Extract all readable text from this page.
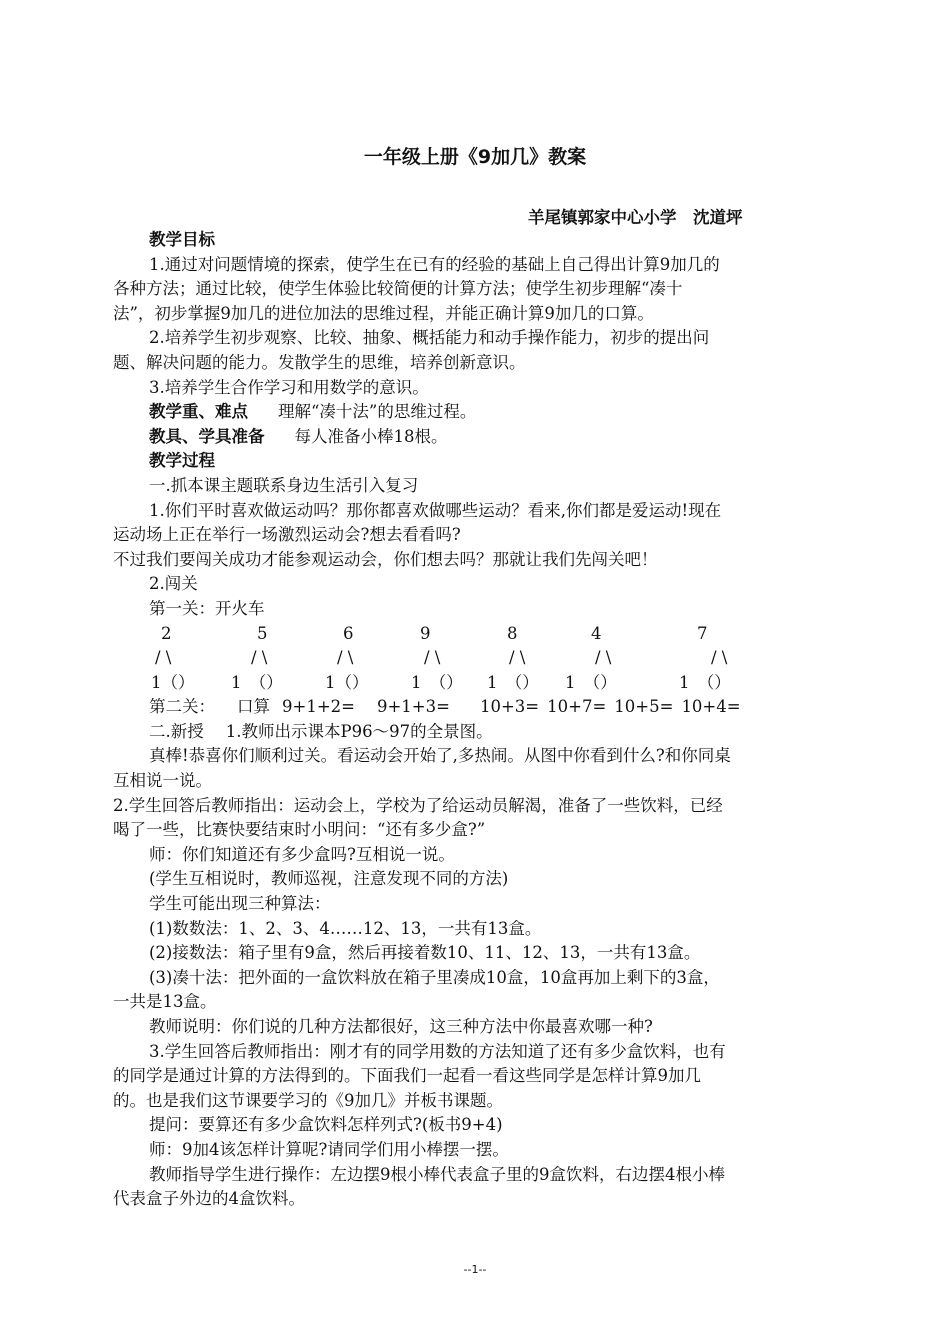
一年级上册《9加几》教案
羊尾镇郭家中心小学　沈道坪

教学目标

1.通过对问题情境的探索，使学生在已有的经验的基础上自己得出计算9加几的

各种方法；通过比较，使学生体验比较简便的计算方法；使学生初步理解“凑十

法”，初步掌握9加几的进位加法的思维过程，并能正确计算9加几的口算。

2.培养学生初步观察、比较、抽象、概括能力和动手操作能力，初步的提出问

题、解决问题的能力。发散学生的思维，培养创新意识。

3.培养学生合作学习和用数学的意识。

教学重、难点 理解“凑十法”的思维过程。

教具、学具准备 每人准备小棒18根。

教学过程

一.抓本课主题联系身边生活引入复习

1.你们平时喜欢做运动吗？那你都喜欢做哪些运动？看来,你们都是爱运动!现在

运动场上正在举行一场激烈运动会?想去看看吗?

不过我们要闯关成功才能参观运动会，你们想去吗？那就让我们先闯关吧！

2.闯关

第一关：开火车

2	5	6	9	8	4	7
/ \	/ \	/ \	/ \	/ \	/ \	/ \
1（） 1　（）	1（）	1　（） 1　（） 1　（）	1　（）

第二关： 口算 9+1+2= 9+1+3= 10+3= 10+7= 10+5= 10+4=

二.新授 1.教师出示课本P96～97的全景图。

真棒!恭喜你们顺利过关。看运动会开始了,多热闹。从图中你看到什么?和你同桌

互相说一说。

2.学生回答后教师指出：运动会上，学校为了给运动员解渴，准备了一些饮料，已经

喝了一些，比赛快要结束时小明问：“还有多少盒?”

师：你们知道还有多少盒吗?互相说一说。

(学生互相说时，教师巡视，注意发现不同的方法)

学生可能出现三种算法：

(1)数数法：1、2、3、4……12、13，一共有13盒。

(2)接数法：箱子里有9盒，然后再接着数10、11、12、13，一共有13盒。

(3)凑十法：把外面的一盒饮料放在箱子里凑成10盒，10盒再加上剩下的3盒，

一共是13盒。

教师说明：你们说的几种方法都很好，这三种方法中你最喜欢哪一种?

3.学生回答后教师指出：刚才有的同学用数的方法知道了还有多少盒饮料，也有

的同学是通过计算的方法得到的。下面我们一起看一看这些同学是怎样计算9加几

的。也是我们这节课要学习的《9加几》并板书课题。

提问：要算还有多少盒饮料怎样列式?(板书9+4)

师：9加4该怎样计算呢?请同学们用小棒摆一摆。

教师指导学生进行操作：左边摆9根小棒代表盒子里的9盒饮料，右边摆4根小棒

代表盒子外边的4盒饮料。

--1--
